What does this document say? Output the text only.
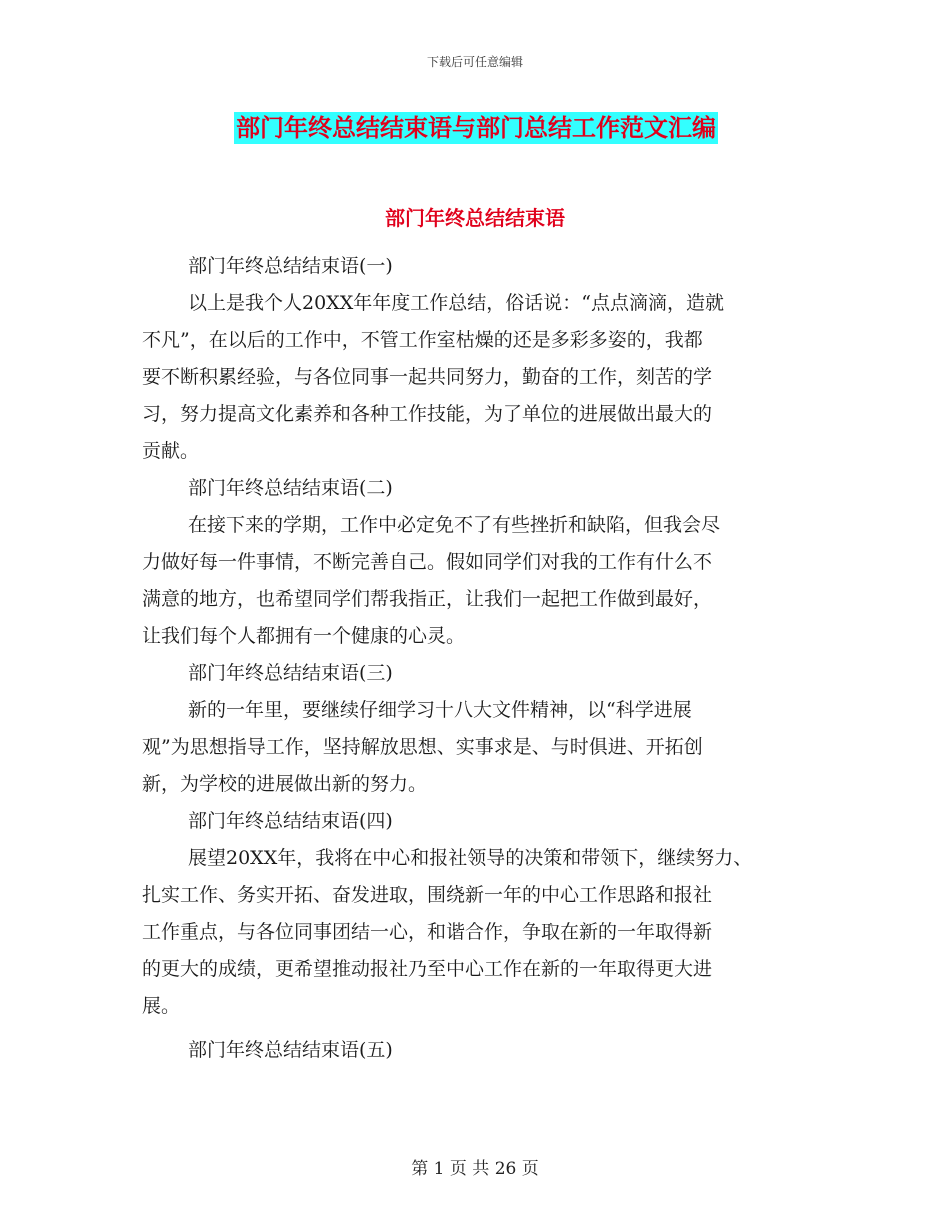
下载后可任意编辑
部门年终总结结束语与部门总结工作范文汇编
部门年终总结结束语

部门年终总结结束语(一)

以上是我个人20XX年年度工作总结，俗话说：“点点滴滴，造就
不凡”，在以后的工作中，不管工作室枯燥的还是多彩多姿的，我都
要不断积累经验，与各位同事一起共同努力，勤奋的工作，刻苦的学
习，努力提高文化素养和各种工作技能，为了单位的进展做出最大的
贡献。

部门年终总结结束语(二)

在接下来的学期，工作中必定免不了有些挫折和缺陷，但我会尽
力做好每一件事情，不断完善自己。假如同学们对我的工作有什么不
满意的地方，也希望同学们帮我指正，让我们一起把工作做到最好，
让我们每个人都拥有一个健康的心灵。

部门年终总结结束语(三)

新的一年里，要继续仔细学习十八大文件精神，以“科学进展
观”为思想指导工作，坚持解放思想、实事求是、与时俱进、开拓创
新，为学校的进展做出新的努力。

部门年终总结结束语(四)

展望20XX年，我将在中心和报社领导的决策和带领下，继续努力、
扎实工作、务实开拓、奋发进取，围绕新一年的中心工作思路和报社
工作重点，与各位同事团结一心，和谐合作，争取在新的一年取得新
的更大的成绩，更希望推动报社乃至中心工作在新的一年取得更大进
展。

部门年终总结结束语(五)

第 1 页 共 26 页
